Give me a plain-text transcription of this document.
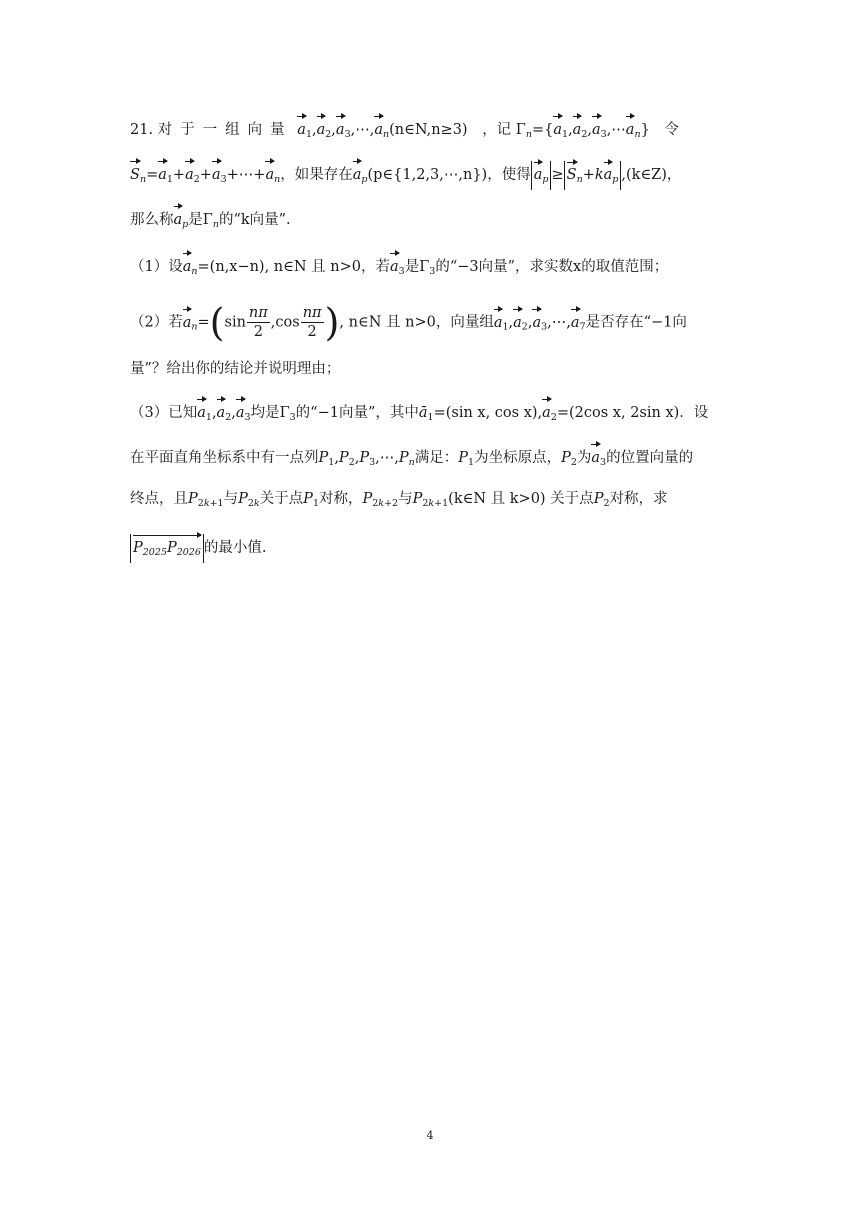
21. 对于一组向量 $a_1,a_2,a_3,\cdots,a_n(n\in N,n\ge 3)$ ，记 $\Gamma_n=\{a_1,a_2,a_3,\cdots a_n\}$ 令
$S_n=a_1+a_2+a_3+\cdots+a_n$，如果存在$a_p(p\in\{1,2,3,\cdots,n\})$，使得 $a_p \ge S_n+ka_p$ ,(k∈Z)，
那么称$a_p$是$\Gamma_n$的“k向量”.
（1）设$a_n=(n,x-n)$, n∈N 且 n>0，若$a_3$是$\Gamma_3$的“−3向量”，求实数x的取值范围；
（2）若$a_n=(\sin \frac{n\pi}{2} ,\cos \frac{n\pi}{2}$ ), n∈N 且 n>0，向量组$a_1,a_2,a_3,\cdots,a_7$是否存在“−1向
量”？给出你的结论并说明理由；
（3）已知$a_1,a_2,a_3$均是$\Gamma_3$的“−1向量”，其中$ā_1=(\sin$ x, $\cos x),a_2=(2\cos$ x, 2sin x)．设
在平面直角坐标系中有一点列$P_1,P_2,P_3,\cdots,P_n$满足：$P_1$为坐标原点，$P_2$为$a_3$的位置向量的
终点，且$P_{2k+1}$与$P_{2k}$关于点$P_1$对称，$P_{2k+2}$与$P_{2k+1}(k\in N$ 且 k>0) 关于点$P_2$对称，求
$P_{2025}P_{2026}$ 的最小值.
4
